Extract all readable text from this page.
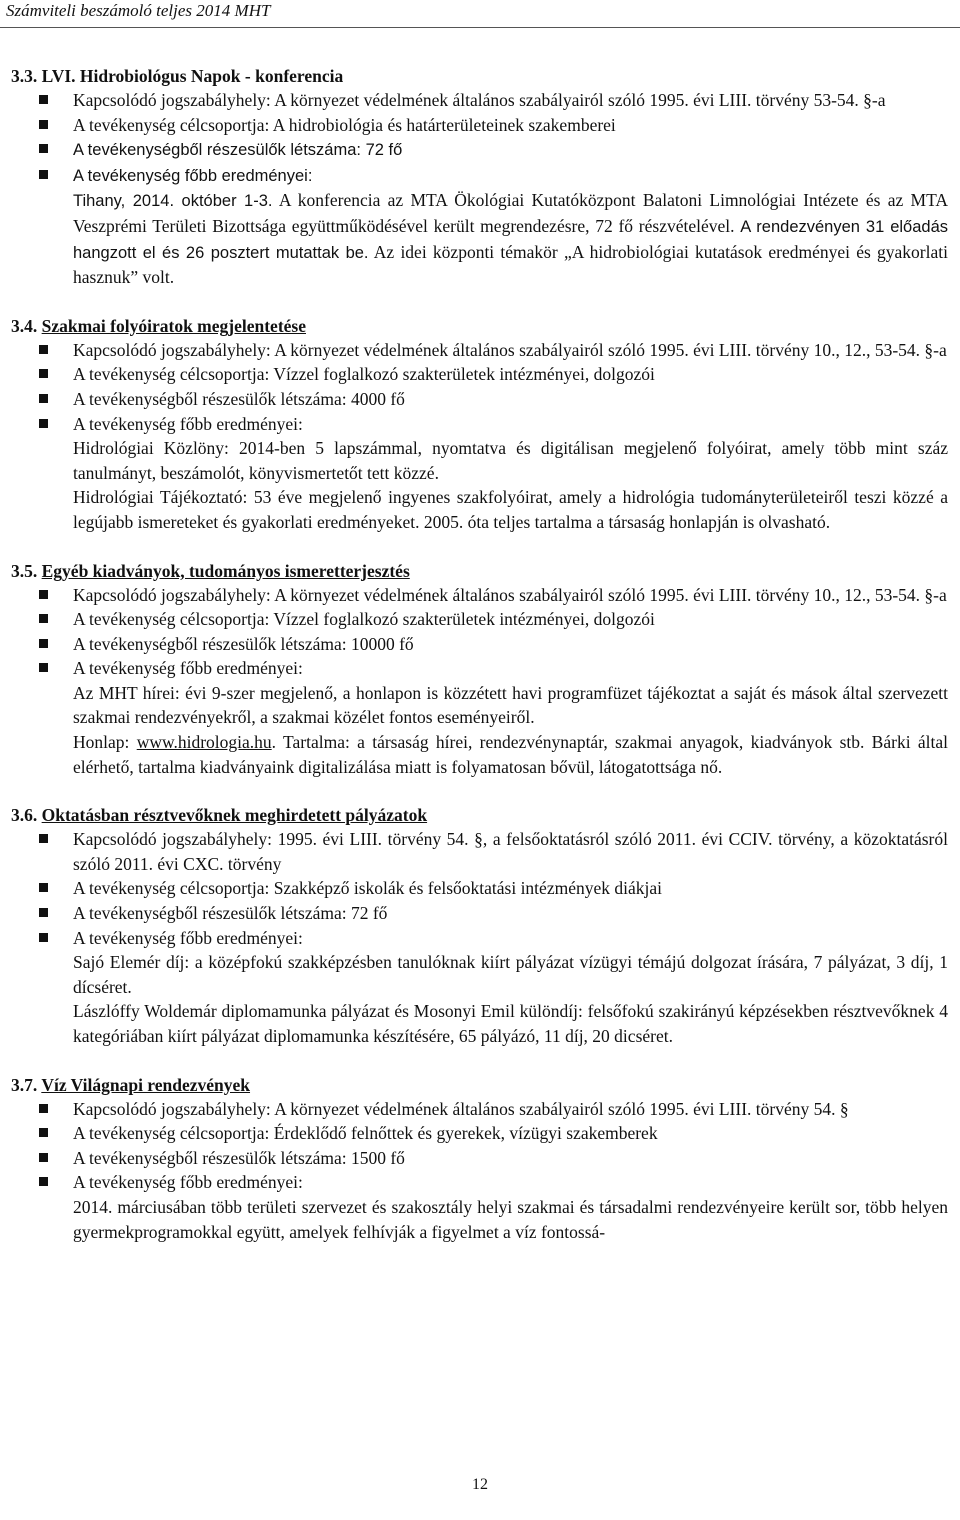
Számviteli beszámoló teljes 2014 MHT

3.3. LVI. Hidrobiológus Napok - konferencia

Kapcsolódó jogszabályhely: A környezet védelmének általános szabályairól szóló 1995. évi LIII. törvény 53-54. §-a
A tevékenység célcsoportja: A hidrobiológia és határterületeinek szakemberei
A tevékenységből részesülők létszáma: 72 fő
A tevékenység főbb eredményei:

Tihany, 2014. október 1-3. A konferencia az MTA Ökológiai Kutatóközpont Balatoni Limnológiai Intézete és az MTA Veszprémi Területi Bizottsága együttműködésével került megrendezésre, 72 fő részvételével. A rendezvényen 31 előadás hangzott el és 26 posztert mutattak be. Az idei központi témakör „A hidrobiológiai kutatások eredményei és gyakorlati hasznuk” volt.

3.4. Szakmai folyóiratok megjelentetése

Kapcsolódó jogszabályhely: A környezet védelmének általános szabályairól szóló 1995. évi LIII. törvény 10., 12., 53-54. §-a
A tevékenység célcsoportja: Vízzel foglalkozó szakterületek intézményei, dolgozói
A tevékenységből részesülők létszáma: 4000 fő
A tevékenység főbb eredményei:

Hidrológiai Közlöny: 2014-ben 5 lapszámmal, nyomtatva és digitálisan megjelenő folyóirat, amely több mint száz tanulmányt, beszámolót, könyvismertetőt tett közzé.

Hidrológiai Tájékoztató: 53 éve megjelenő ingyenes szakfolyóirat, amely a hidrológia tudományterületeiről teszi közzé a legújabb ismereteket és gyakorlati eredményeket. 2005. óta teljes tartalma a társaság honlapján is olvasható.

3.5. Egyéb kiadványok, tudományos ismeretterjesztés

Kapcsolódó jogszabályhely: A környezet védelmének általános szabályairól szóló 1995. évi LIII. törvény 10., 12., 53-54. §-a
A tevékenység célcsoportja: Vízzel foglalkozó szakterületek intézményei, dolgozói
A tevékenységből részesülők létszáma: 10000 fő
A tevékenység főbb eredményei:

Az MHT hírei: évi 9-szer megjelenő, a honlapon is közzétett havi programfüzet tájékoztat a saját és mások által szervezett szakmai rendezvényekről, a szakmai közélet fontos eseményeiről.

Honlap: www.hidrologia.hu. Tartalma: a társaság hírei, rendezvénynaptár, szakmai anyagok, kiadványok stb. Bárki által elérhető, tartalma kiadványaink digitalizálása miatt is folyamatosan bővül, látogatottsága nő.

3.6. Oktatásban résztvevőknek meghirdetett pályázatok

Kapcsolódó jogszabályhely: 1995. évi LIII. törvény 54. §, a felsőoktatásról szóló 2011. évi CCIV. törvény, a közoktatásról szóló 2011. évi CXC. törvény
A tevékenység célcsoportja: Szakképző iskolák és felsőoktatási intézmények diákjai
A tevékenységből részesülők létszáma: 72 fő
A tevékenység főbb eredményei:

Sajó Elemér díj: a középfokú szakképzésben tanulóknak kiírt pályázat vízügyi témájú dolgozat írására, 7 pályázat, 3 díj, 1 dícséret.

Lászlóffy Woldemár diplomamunka pályázat és Mosonyi Emil különdíj: felsőfokú szakirányú képzésekben résztvevőknek 4 kategóriában kiírt pályázat diplomamunka készítésére, 65 pályázó, 11 díj, 20 dicséret.

3.7. Víz Világnapi rendezvények

Kapcsolódó jogszabályhely: A környezet védelmének általános szabályairól szóló 1995. évi LIII. törvény 54. §
A tevékenység célcsoportja: Érdeklődő felnőttek és gyerekek, vízügyi szakemberek
A tevékenységből részesülők létszáma: 1500 fő
A tevékenység főbb eredményei:

2014. márciusában több területi szervezet és szakosztály helyi szakmai és társadalmi rendezvényeire került sor, több helyen gyermekprogramokkal együtt, amelyek felhívják a figyelmet a víz fontossá-

12
